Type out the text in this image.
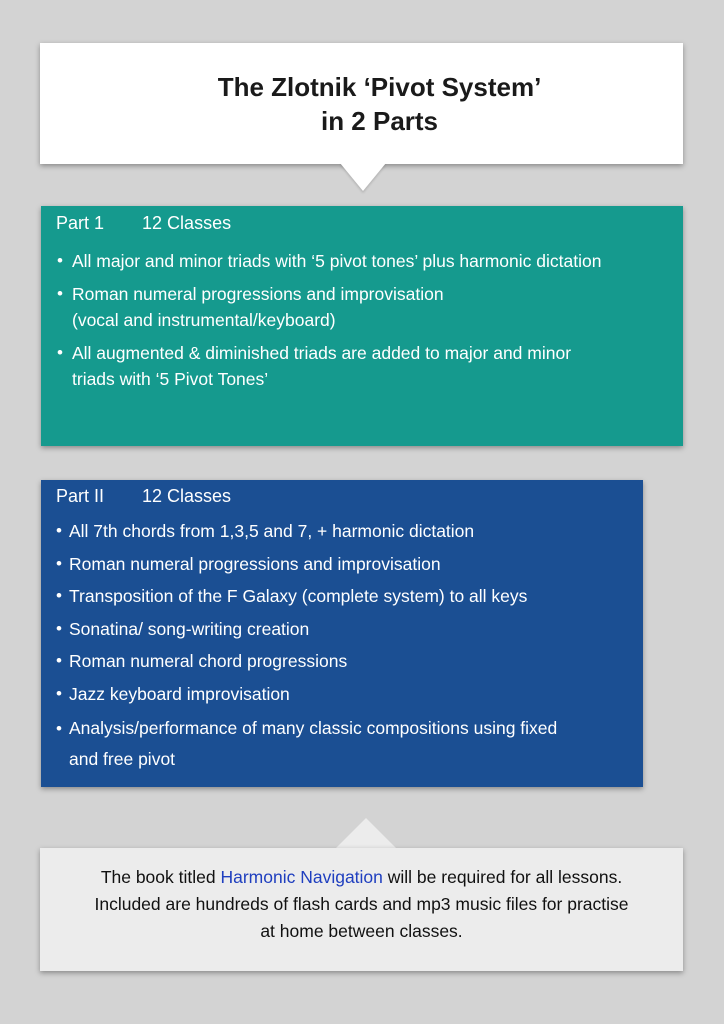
The Zlotnik ‘Pivot System’
in 2 Parts
Part 1 12 Classes
• All major and minor triads with ‘5 pivot tones’ plus harmonic dictation
• Roman numeral progressions and improvisation
(vocal and instrumental/keyboard)
• All augmented & diminished triads are added to major and minor
triads with ‘5 Pivot Tones’
Part II 12 Classes
• All 7th chords from 1,3,5 and 7, + harmonic dictation
• Roman numeral progressions and improvisation
• Transposition of the F Galaxy (complete system) to all keys
• Sonatina/ song-writing creation
• Roman numeral chord progressions
• Jazz keyboard improvisation
• Analysis/performance of many classic compositions using fixed
and free pivot
The book titled Harmonic Navigation will be required for all lessons.
Included are hundreds of flash cards and mp3 music files for practise
at home between classes.
